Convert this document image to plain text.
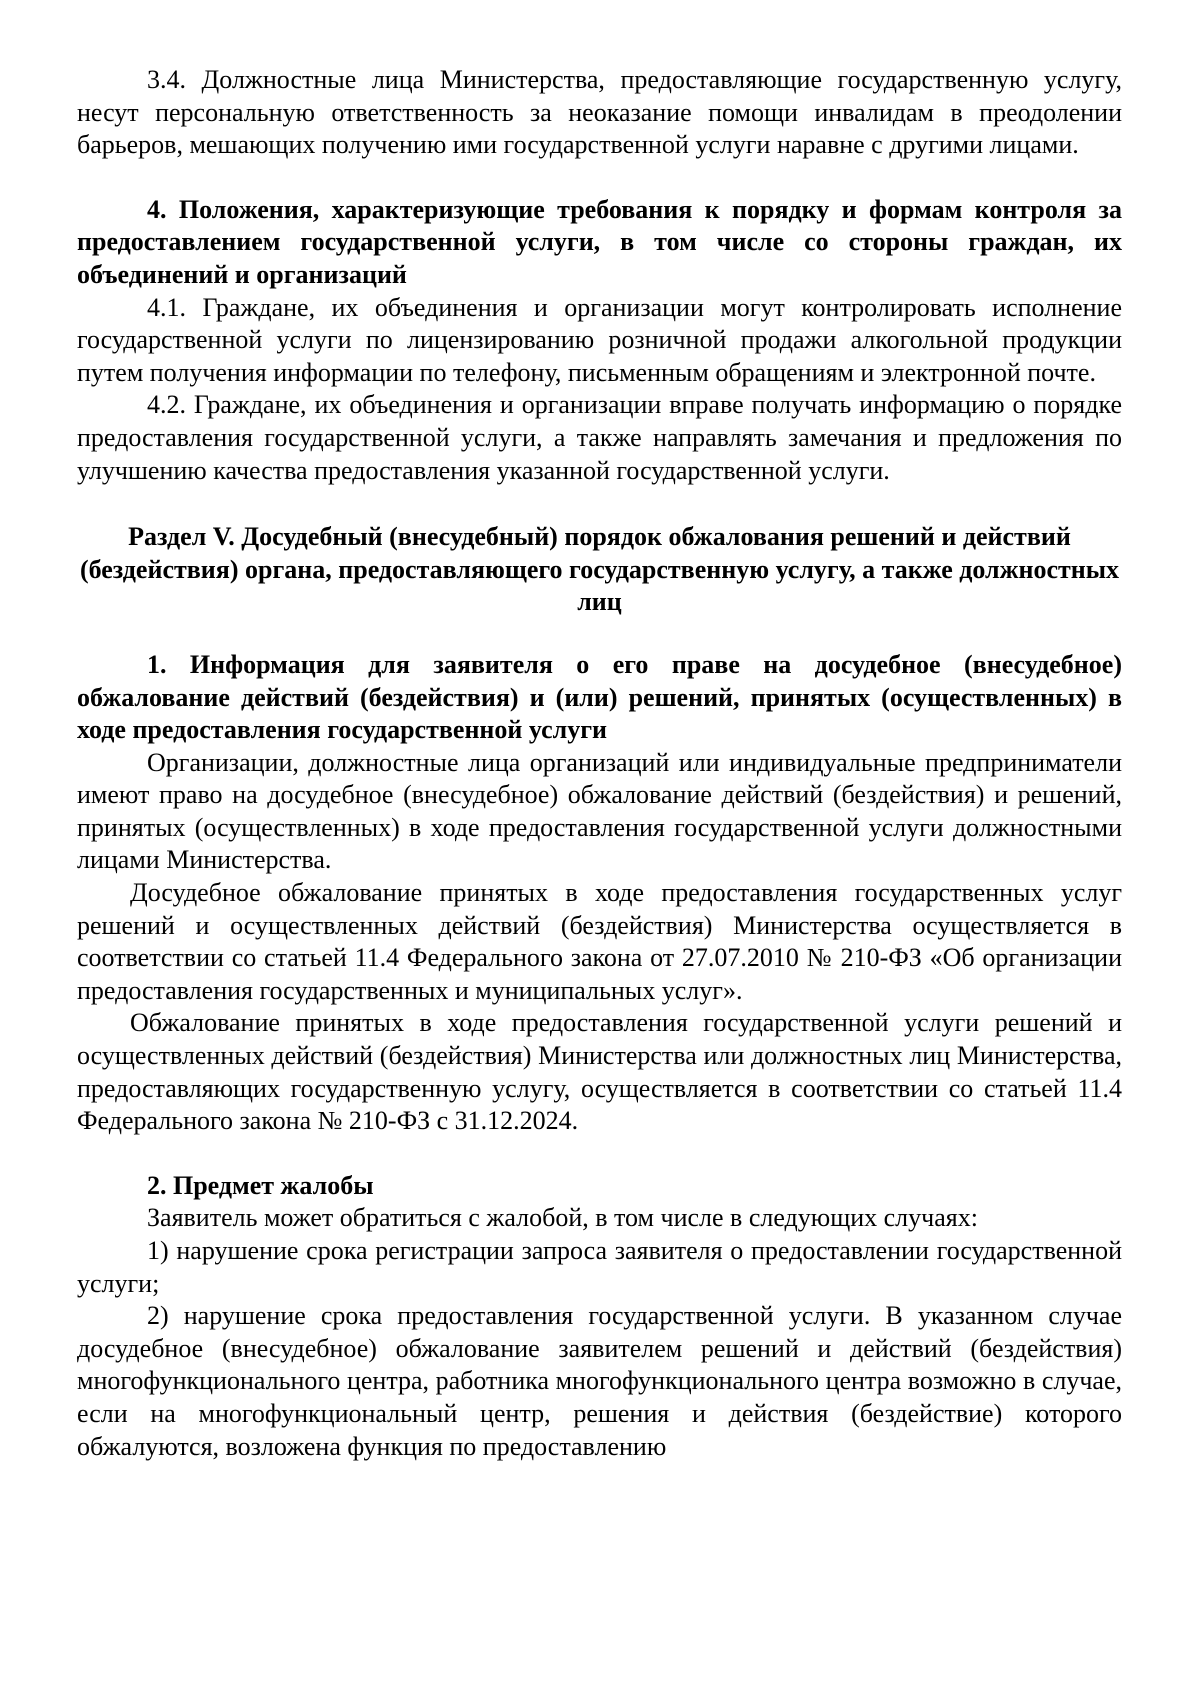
3.4. Должностные лица Министерства, предоставляющие государственную услугу, несут персональную ответственность за неоказание помощи инвалидам в преодолении барьеров, мешающих получению ими государственной услуги наравне с другими лицами.

4. Положения, характеризующие требования к порядку и формам контроля за предоставлением государственной услуги, в том числе со стороны граждан, их объединений и организаций

4.1. Граждане, их объединения и организации могут контролировать исполнение государственной услуги по лицензированию розничной продажи алкогольной продукции путем получения информации по телефону, письменным обращениям и электронной почте.

4.2. Граждане, их объединения и организации вправе получать информацию о порядке предоставления государственной услуги, а также направлять замечания и предложения по улучшению качества предоставления указанной государственной услуги.

Раздел V. Досудебный (внесудебный) порядок обжалования решений и действий (бездействия) органа, предоставляющего государственную услугу, а также должностных лиц

1. Информация для заявителя о его праве на досудебное (внесудебное) обжалование действий (бездействия) и (или) решений, принятых (осуществленных) в ходе предоставления государственной услуги

Организации, должностные лица организаций или индивидуальные предприниматели имеют право на досудебное (внесудебное) обжалование действий (бездействия) и решений, принятых (осуществленных) в ходе предоставления государственной услуги должностными лицами Министерства.

Досудебное обжалование принятых в ходе предоставления государственных услуг решений и осуществленных действий (бездействия) Министерства осуществляется в соответствии со статьей 11.4 Федерального закона от 27.07.2010 № 210-ФЗ «Об организации предоставления государственных и муниципальных услуг».

Обжалование принятых в ходе предоставления государственной услуги решений и осуществленных действий (бездействия) Министерства или должностных лиц Министерства, предоставляющих государственную услугу, осуществляется в соответствии со статьей 11.4 Федерального закона № 210-ФЗ с 31.12.2024.

2. Предмет жалобы

Заявитель может обратиться с жалобой, в том числе в следующих случаях:

1) нарушение срока регистрации запроса заявителя о предоставлении государственной услуги;

2) нарушение срока предоставления государственной услуги. В указанном случае досудебное (внесудебное) обжалование заявителем решений и действий (бездействия) многофункционального центра, работника многофункционального центра возможно в случае, если на многофункциональный центр, решения и действия (бездействие) которого обжалуются, возложена функция по предоставлению
